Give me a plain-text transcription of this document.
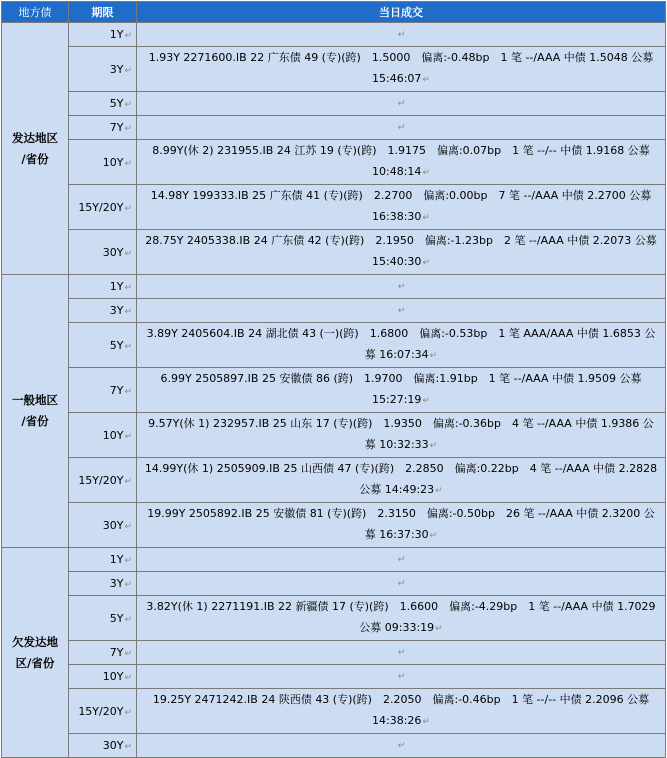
地方债	期限	当日成交

发达地区
/省份	1Y↵	↵
	3Y↵	1.93Y 2271600.IB 22 广东债 49 (专)(跨)　1.5000　偏离:-0.48bp　1 笔 --/AAA 中债 1.5048 公募 15:46:07↵
	5Y↵	↵
	7Y↵	↵
	10Y↵	8.99Y(休 2) 231955.IB 24 江苏 19 (专)(跨)　1.9175　偏离:0.07bp　1 笔 --/-- 中债 1.9168 公募 10:48:14↵
	15Y/20Y↵	14.98Y 199333.IB 25 广东债 41 (专)(跨)　2.2700　偏离:0.00bp　7 笔 --/AAA 中债 2.2700 公募 16:38:30↵
	30Y↵	28.75Y 2405338.IB 24 广东债 42 (专)(跨)　2.1950　偏离:-1.23bp　2 笔 --/AAA 中债 2.2073 公募 15:40:30↵

一般地区
/省份	1Y↵	↵
	3Y↵	↵
	5Y↵	3.89Y 2405604.IB 24 湖北债 43 (一)(跨)　1.6800　偏离:-0.53bp　1 笔 AAA/AAA 中债 1.6853 公募 16:07:34↵
	7Y↵	6.99Y 2505897.IB 25 安徽债 86 (跨)　1.9700　偏离:1.91bp　1 笔 --/AAA 中债 1.9509 公募 15:27:19↵
	10Y↵	9.57Y(休 1) 232957.IB 25 山东 17 (专)(跨)　1.9350　偏离:-0.36bp　4 笔 --/AAA 中债 1.9386 公募 10:32:33↵
	15Y/20Y↵	14.99Y(休 1) 2505909.IB 25 山西债 47 (专)(跨)　2.2850　偏离:0.22bp　4 笔 --/AAA 中债 2.2828 公募 14:49:23↵
	30Y↵	19.99Y 2505892.IB 25 安徽债 81 (专)(跨)　2.3150　偏离:-0.50bp　26 笔 --/AAA 中债 2.3200 公募 16:37:30↵

欠发达地
区/省份	1Y↵	↵
	3Y↵	↵
	5Y↵	3.82Y(休 1) 2271191.IB 22 新疆债 17 (专)(跨)　1.6600　偏离:-4.29bp　1 笔 --/AAA 中债 1.7029 公募 09:33:19↵
	7Y↵	↵
	10Y↵	↵
	15Y/20Y↵	19.25Y 2471242.IB 24 陕西债 43 (专)(跨)　2.2050　偏离:-0.46bp　1 笔 --/-- 中债 2.2096 公募 14:38:26↵
	30Y↵	↵
